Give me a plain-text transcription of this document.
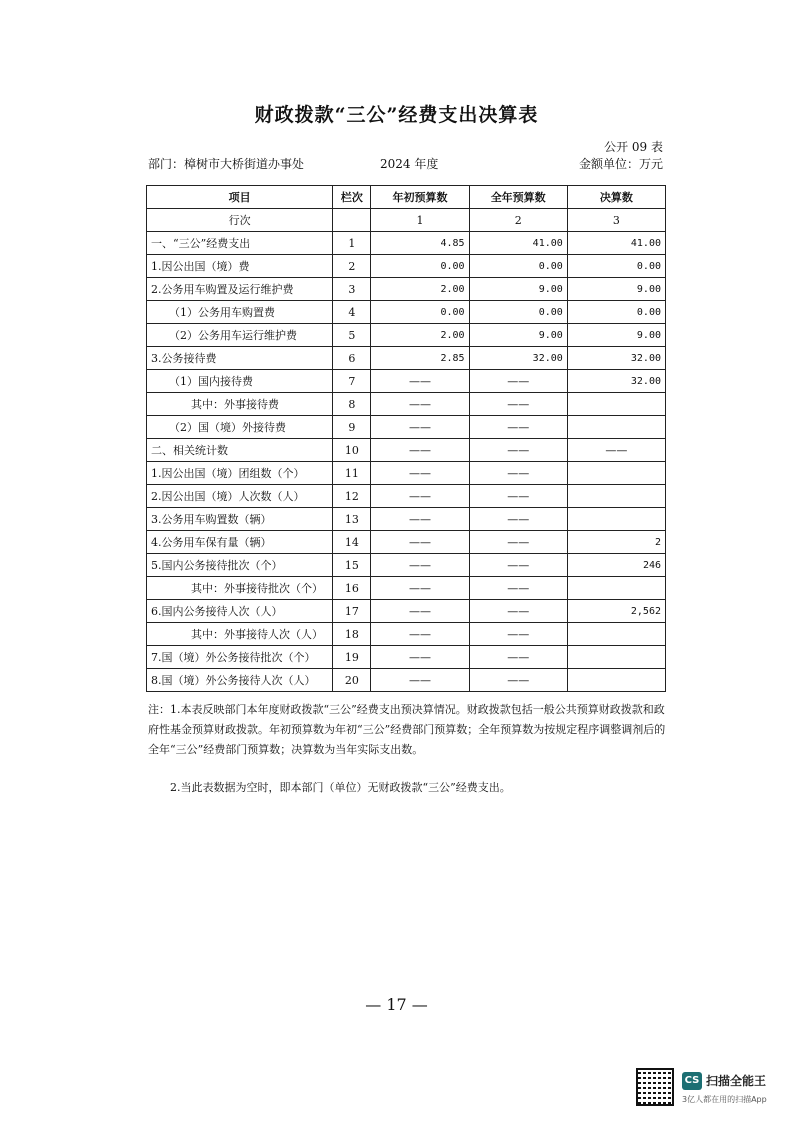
财政拨款“三公”经费支出决算表
公开 09 表
部门：樟树市大桥街道办事处	2024 年度	金额单位：万元
项目	栏次	年初预算数	全年预算数	决算数
行次		1	2	3
一、“三公”经费支出	1	4.85	41.00	41.00
1.因公出国（境）费	2	0.00	0.00	0.00
2.公务用车购置及运行维护费	3	2.00	9.00	9.00
（1）公务用车购置费	4	0.00	0.00	0.00
（2）公务用车运行维护费	5	2.00	9.00	9.00
3.公务接待费	6	2.85	32.00	32.00
（1）国内接待费	7	——	——	32.00
其中：外事接待费	8	——	——	
（2）国（境）外接待费	9	——	——	
二、相关统计数	10	——	——	——
1.因公出国（境）团组数（个）	11	——	——	
2.因公出国（境）人次数（人）	12	——	——	
3.公务用车购置数（辆）	13	——	——	
4.公务用车保有量（辆）	14	——	——	2
5.国内公务接待批次（个）	15	——	——	246
其中：外事接待批次（个）	16	——	——	
6.国内公务接待人次（人）	17	——	——	2,562
其中：外事接待人次（人）	18	——	——	
7.国（境）外公务接待批次（个）	19	——	——	
8.国（境）外公务接待人次（人）	20	——	——	

注：1.本表反映部门本年度财政拨款“三公”经费支出预决算情况。财政拨款包括一般公共预算财政拨款和政府性基金预算财政拨款。年初预算数为年初“三公”经费部门预算数；全年预算数为按规定程序调整调剂后的全年“三公”经费部门预算数；决算数为当年实际支出数。

2.当此表数据为空时，即本部门（单位）无财政拨款“三公”经费支出。

— 17 —
CS 扫描全能王
3亿人都在用的扫描App
